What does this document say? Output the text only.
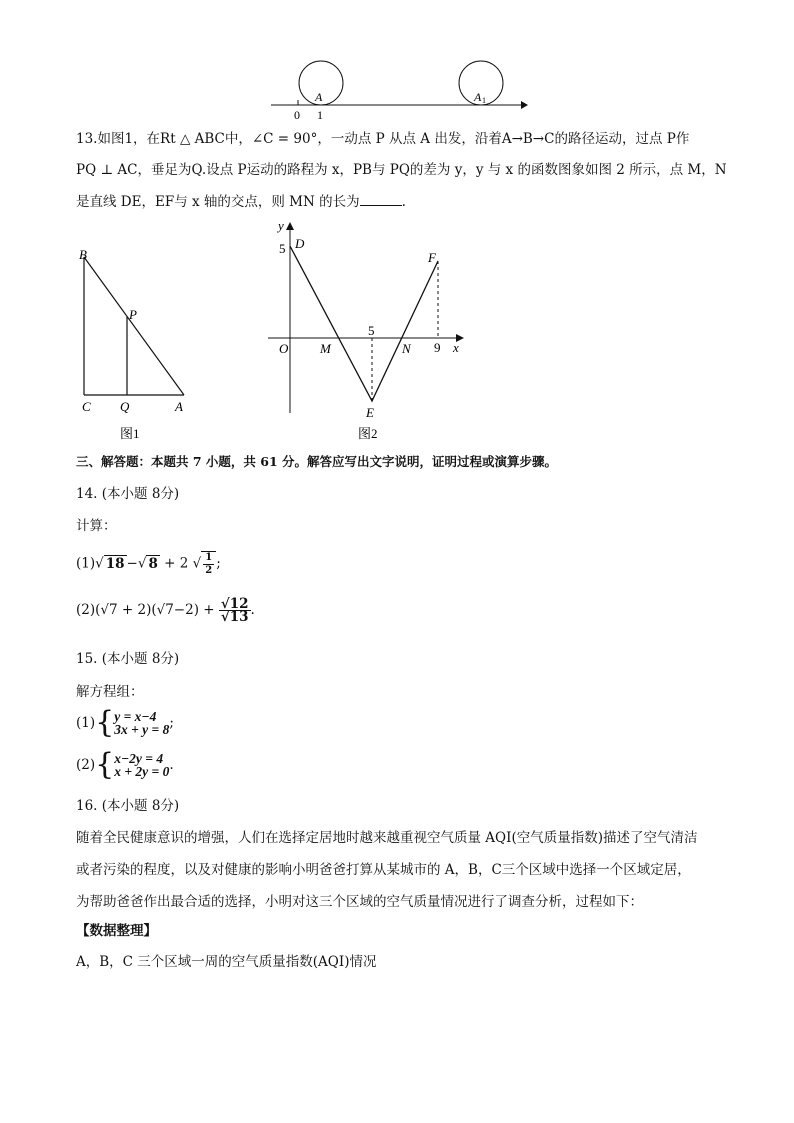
A	A 1
0 1
13.如图1，在Rt △ ABC中，∠C = 90°，一动点 P 从点 A 出发，沿着A→B→C的路径运动，过点 P作
PQ ⊥ AC，垂足为Q.设点 P运动的路程为 x，PB与 PQ的差为 y，y 与 x 的函数图象如图 2 所示，点 M，N
是直线 DE，EF与 x 轴的交点，则 MN 的长为	.
B
P
C Q	A
图1
y
x
D
5
F
O M
5
N 9
E
图2
三、解答题：本题共 7 小题，共 61 分。解答应写出文字说明，证明过程或演算步骤。
14. (本小题 8分)
计算：
(1)√ 18 −√ 8 + 2 √ $\frac{1}{2}$ ;
$(2)(√7 + 2)(√7-2) + \frac{√12}{√13}$ .
15. (本小题 8分)
解方程组：
(1){ y = x−4
3x + y = 8 ;
(2){ x−2y = 4
x + 2y = 0 .
16. (本小题 8分)
随着全民健康意识的增强，人们在选择定居地时越来越重视空气质量 AQI(空气质量指数)描述了空气清洁
或者污染的程度，以及对健康的影响小明爸爸打算从某城市的 A，B，C三个区域中选择一个区域定居，
为帮助爸爸作出最合适的选择，小明对这三个区域的空气质量情况进行了调查分析，过程如下：
【数据整理】
A，B，C 三个区域一周的空气质量指数(AQI)情况
